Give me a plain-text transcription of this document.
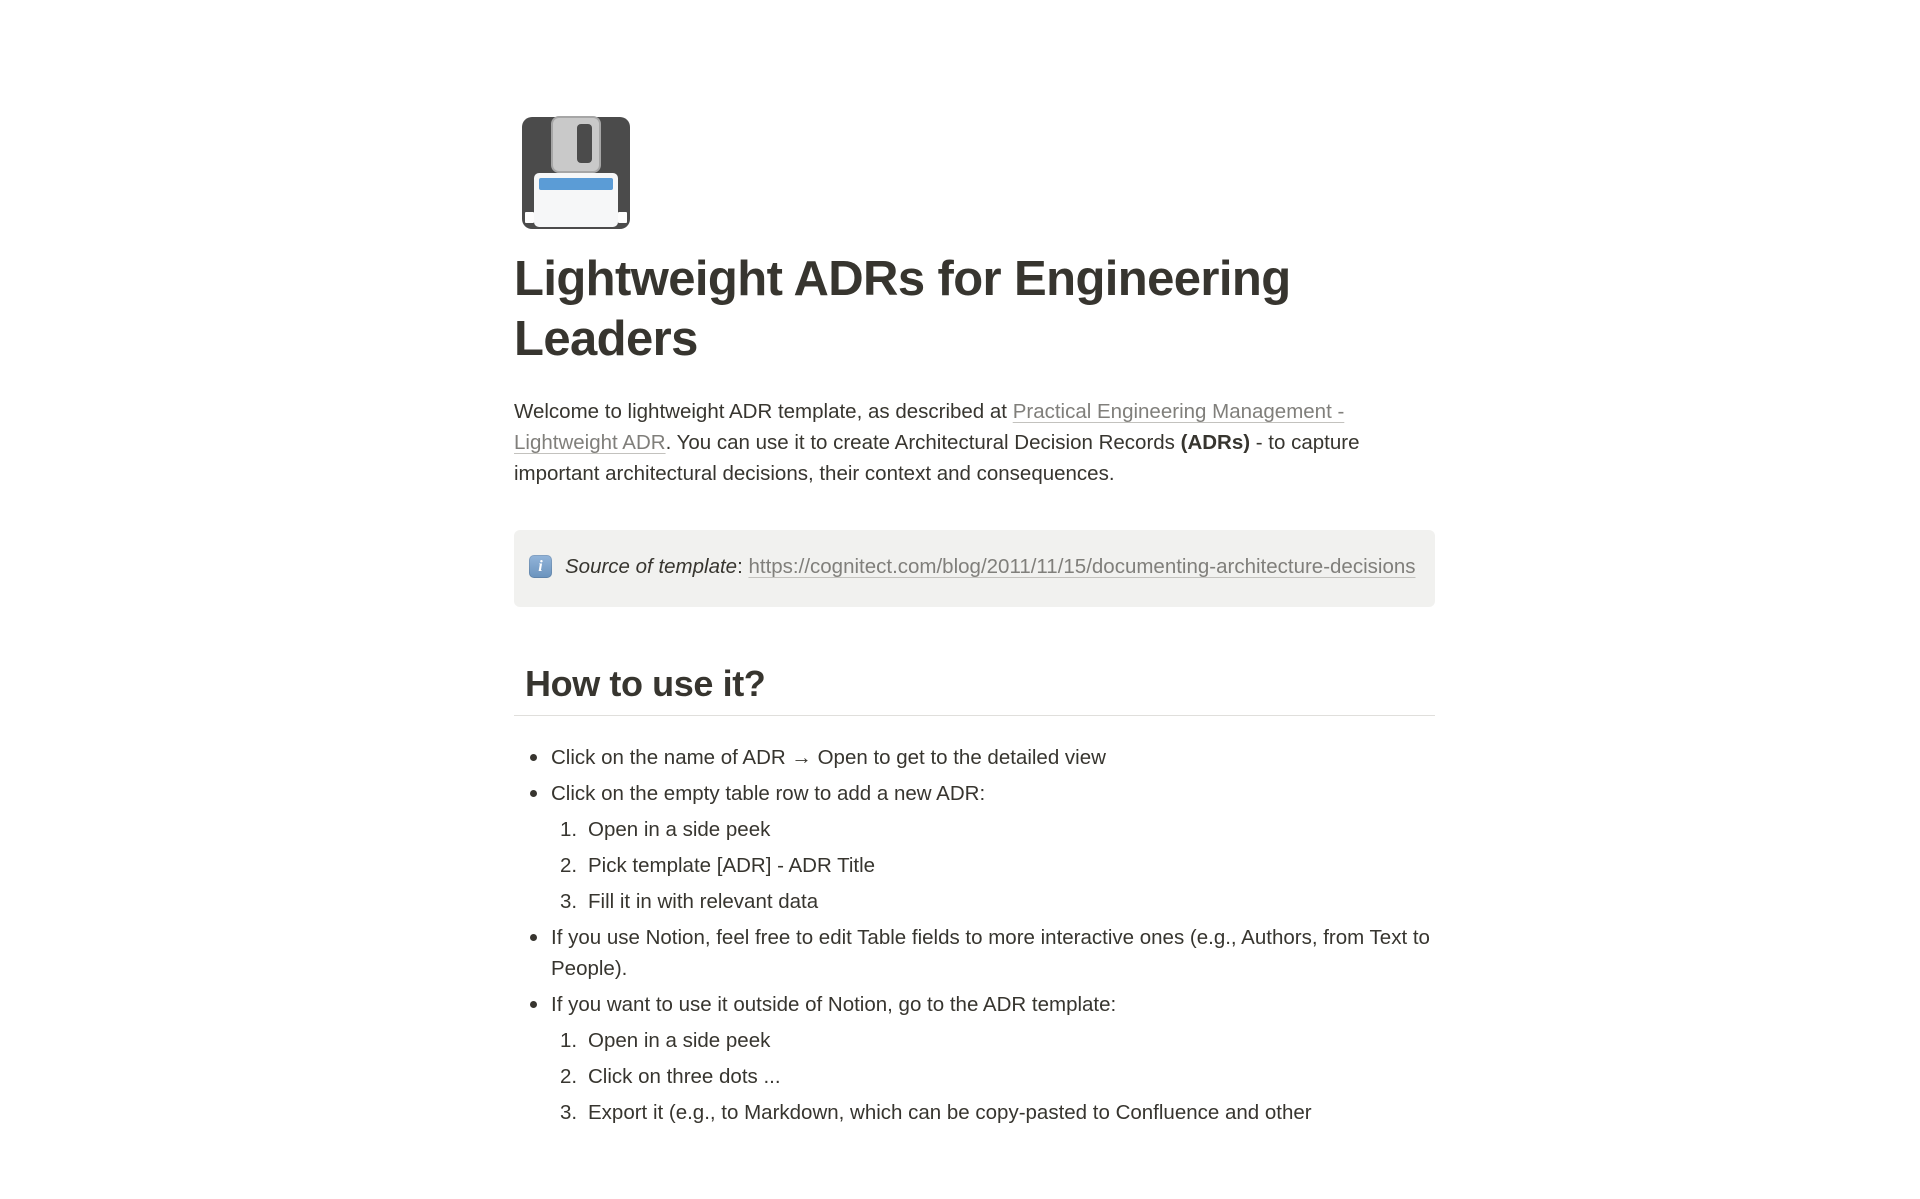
Lightweight ADRs for Engineering Leaders

Welcome to lightweight ADR template, as described at Practical Engineering Management - Lightweight ADR. You can use it to create Architectural Decision Records (ADRs) - to capture important architectural decisions, their context and consequences.

i	Source of template: https://cognitect.com/blog/2011/11/15/documenting-architecture-decisions
How to use it?
Click on the name of ADR → Open to get to the detailed view
Click on the empty table row to add a new ADR:
1. Open in a side peek
2. Pick template [ADR] - ADR Title
3. Fill it in with relevant data
If you use Notion, feel free to edit Table fields to more interactive ones (e.g., Authors, from Text to People).
If you want to use it outside of Notion, go to the ADR template:
1. Open in a side peek
2. Click on three dots ...
3. Export it (e.g., to Markdown, which can be copy-pasted to Confluence and other
